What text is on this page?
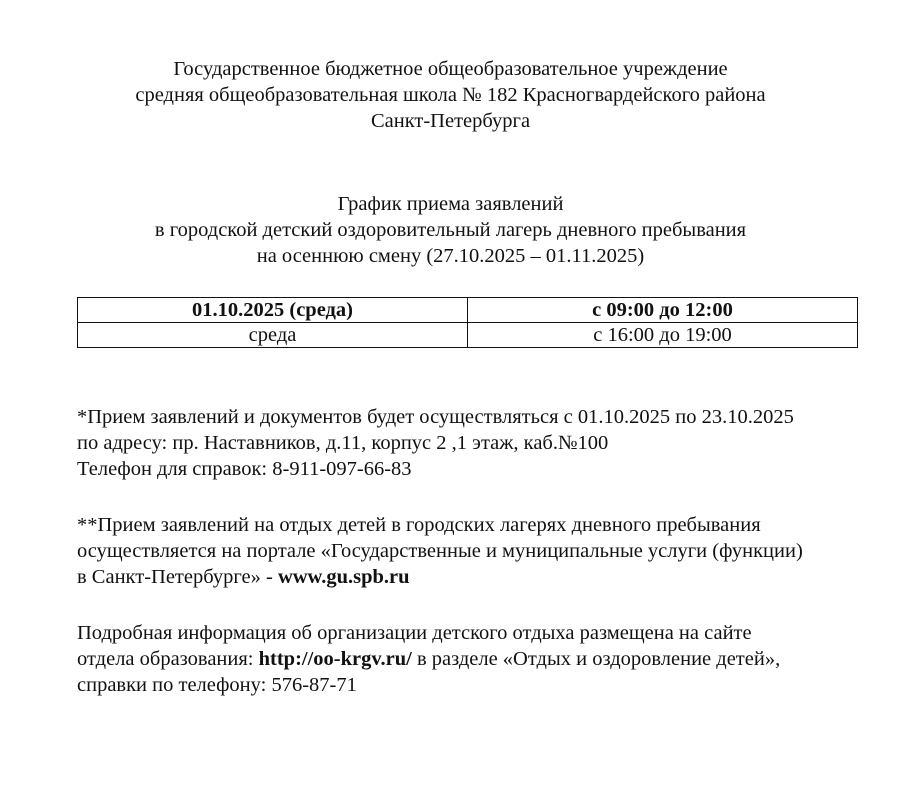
Государственное бюджетное общеобразовательное учреждение
средняя общеобразовательная школа № 182 Красногвардейского района
Санкт-Петербурга
График приема заявлений
в городской детский оздоровительный лагерь дневного пребывания
на осеннюю смену (27.10.2025 – 01.11.2025)
01.10.2025 (среда)	с 09:00 до 12:00
среда	с 16:00 до 19:00
*Прием заявлений и документов будет осуществляться с 01.10.2025 по 23.10.2025
по адресу: пр. Наставников, д.11, корпус 2 ,1 этаж, каб.№100
Телефон для справок: 8-911-097-66-83
**Прием заявлений на отдых детей в городских лагерях дневного пребывания
осуществляется на портале «Государственные и муниципальные услуги (функции)
в Санкт-Петербурге» - www.gu.spb.ru
Подробная информация об организации детского отдыха размещена на сайте
отдела образования: http://oo-krgv.ru/ в разделе «Отдых и оздоровление детей»,
справки по телефону: 576-87-71
